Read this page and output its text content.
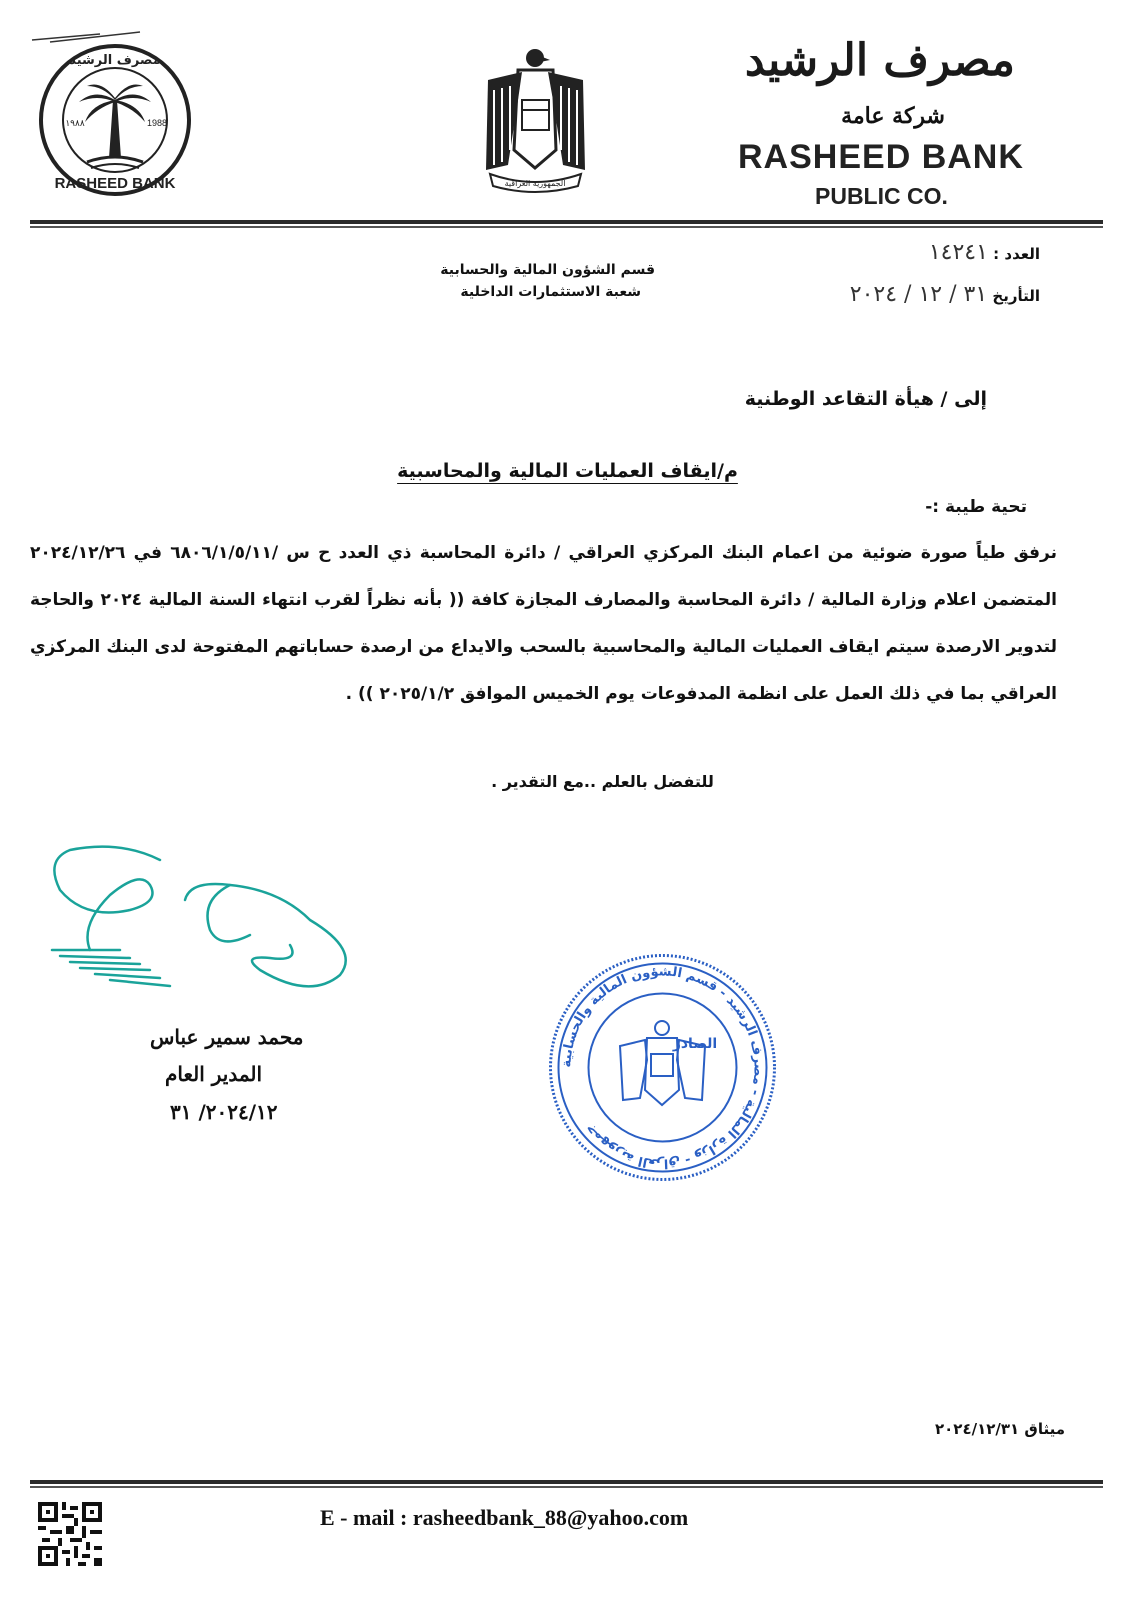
RASHEED BANK
١٩٨٨	1988
مصرف الرشيد
الجمهورية العراقية
مصرف الرشيد
شركة عامة
RASHEED BANK
PUBLIC CO.
العدد : ١٤٢٤١
التأريخ ٣١ / ١٢ / ٢٠٢٤
قسم الشؤون المالية والحسابية
شعبة الاستثمارات الداخلية
إلى / هيأة التقاعد الوطنية
م/ايقاف العمليات المالية والمحاسبية
تحية طيبة :-
نرفق طياً صورة ضوئية من اعمام البنك المركزي العراقي / دائرة المحاسبة ذي العدد ح س /٦٨٠٦/١/٥/١١ في ٢٠٢٤/١٢/٢٦ المتضمن اعلام وزارة المالية / دائرة المحاسبة والمصارف المجازة كافة (( بأنه نظراً لقرب انتهاء السنة المالية ٢٠٢٤ والحاجة لتدوير الارصدة سيتم ايقاف العمليات المالية والمحاسبية بالسحب والايداع من ارصدة حساباتهم المفتوحة لدى البنك المركزي العراقي بما في ذلك العمل على انظمة المدفوعات يوم الخميس الموافق ٢٠٢٥/١/٢ )) .
للتفضل بالعلم ..مع التقدير .
محمد سمير عباس
المدير العام
٢٠٢٤/١٢/ ٣١
جمهورية العراق - وزارة المالية - مصرف الرشيد - قسم الشؤون المالية والحسابية
الصادر
ميثاق ٢٠٢٤/١٢/٣١
E - mail : rasheedbank_88@yahoo.com
